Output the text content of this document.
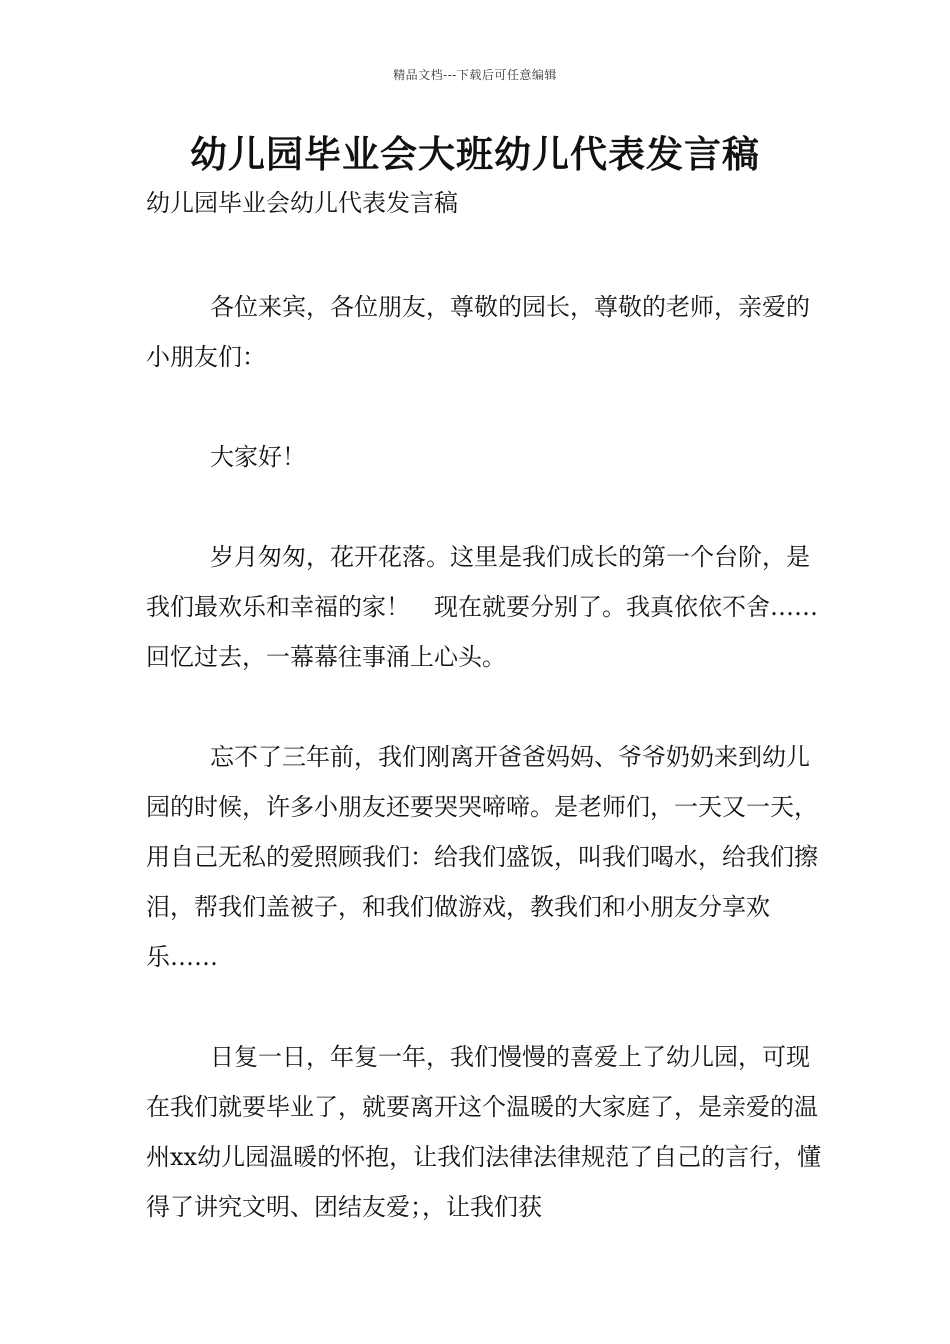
精品文档---下载后可任意编辑
幼儿园毕业会大班幼儿代表发言稿

幼儿园毕业会幼儿代表发言稿

各位来宾，各位朋友，尊敬的园长，尊敬的老师，亲爱的小朋友们：

大家好！

岁月匆匆，花开花落。这里是我们成长的第一个台阶，是我们最欢乐和幸福的家！　现在就要分别了。我真依依不舍……回忆过去，一幕幕往事涌上心头。

忘不了三年前，我们刚离开爸爸妈妈、爷爷奶奶来到幼儿园的时候，许多小朋友还要哭哭啼啼。是老师们，一天又一天，用自己无私的爱照顾我们：给我们盛饭，叫我们喝水，给我们擦泪，帮我们盖被子，和我们做游戏，教我们和小朋友分享欢乐……

日复一日，年复一年，我们慢慢的喜爱上了幼儿园，可现在我们就要毕业了，就要离开这个温暖的大家庭了，是亲爱的温州xx幼儿园温暖的怀抱，让我们法律法律规范了自己的言行，懂得了讲究文明、团结友爱；，让我们获
